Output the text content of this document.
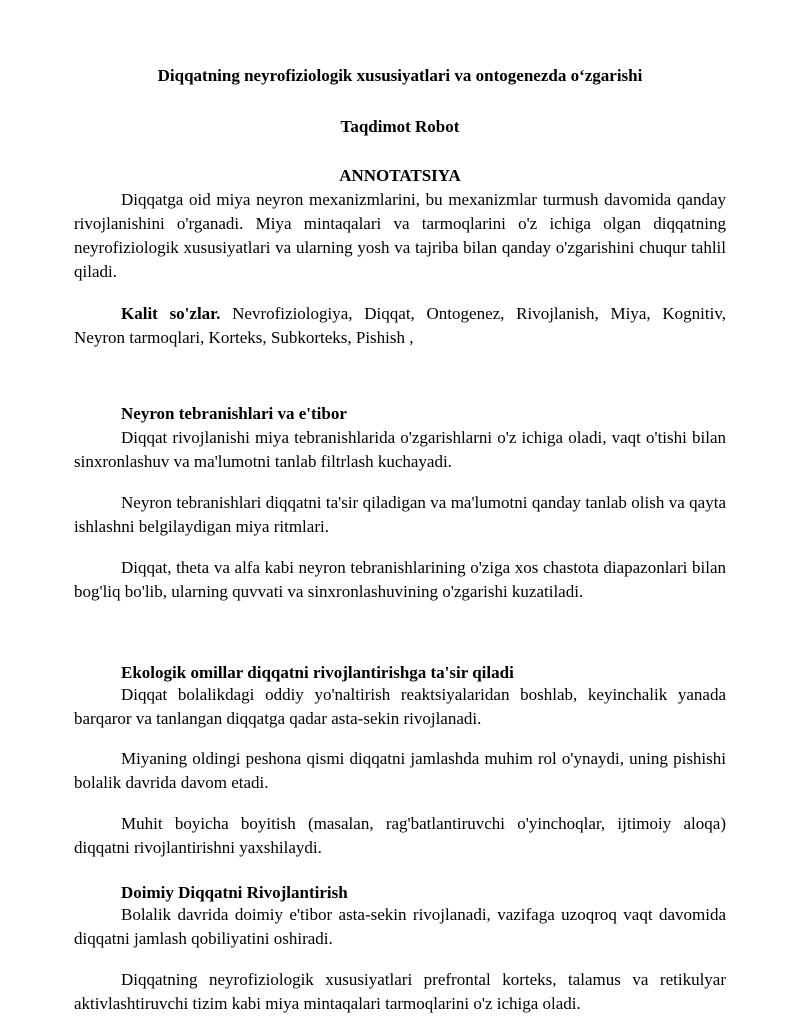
Diqqatning neyrofiziologik xususiyatlari va ontogenezda o‘zgarishi

Taqdimot Robot

ANNOTATSIYA

Diqqatga oid miya neyron mexanizmlarini, bu mexanizmlar turmush davomida qanday rivojlanishini o'rganadi. Miya mintaqalari va tarmoqlarini o'z ichiga olgan diqqatning neyrofiziologik xususiyatlari va ularning yosh va tajriba bilan qanday o'zgarishini chuqur tahlil qiladi.

Kalit so'zlar. Nevrofiziologiya, Diqqat, Ontogenez, Rivojlanish, Miya, Kognitiv, Neyron tarmoqlari, Korteks, Subkorteks, Pishish ,

Neyron tebranishlari va e'tibor

Diqqat rivojlanishi miya tebranishlarida o'zgarishlarni o'z ichiga oladi, vaqt o'tishi bilan sinxronlashuv va ma'lumotni tanlab filtrlash kuchayadi.

Neyron tebranishlari diqqatni ta'sir qiladigan va ma'lumotni qanday tanlab olish va qayta ishlashni belgilaydigan miya ritmlari.

Diqqat, theta va alfa kabi neyron tebranishlarining o'ziga xos chastota diapazonlari bilan bog'liq bo'lib, ularning quvvati va sinxronlashuvining o'zgarishi kuzatiladi.

Ekologik omillar diqqatni rivojlantirishga ta'sir qiladi

Diqqat bolalikdagi oddiy yo'naltirish reaktsiyalaridan boshlab, keyinchalik yanada barqaror va tanlangan diqqatga qadar asta-sekin rivojlanadi.

Miyaning oldingi peshona qismi diqqatni jamlashda muhim rol o'ynaydi, uning pishishi bolalik davrida davom etadi.

Muhit boyicha boyitish (masalan, rag'batlantiruvchi o'yinchoqlar, ijtimoiy aloqa) diqqatni rivojlantirishni yaxshilaydi.

Doimiy Diqqatni Rivojlantirish

Bolalik davrida doimiy e'tibor asta-sekin rivojlanadi, vazifaga uzoqroq vaqt davomida diqqatni jamlash qobiliyatini oshiradi.

Diqqatning neyrofiziologik xususiyatlari prefrontal korteks, talamus va retikulyar aktivlashtiruvchi tizim kabi miya mintaqalari tarmoqlarini o'z ichiga oladi.
